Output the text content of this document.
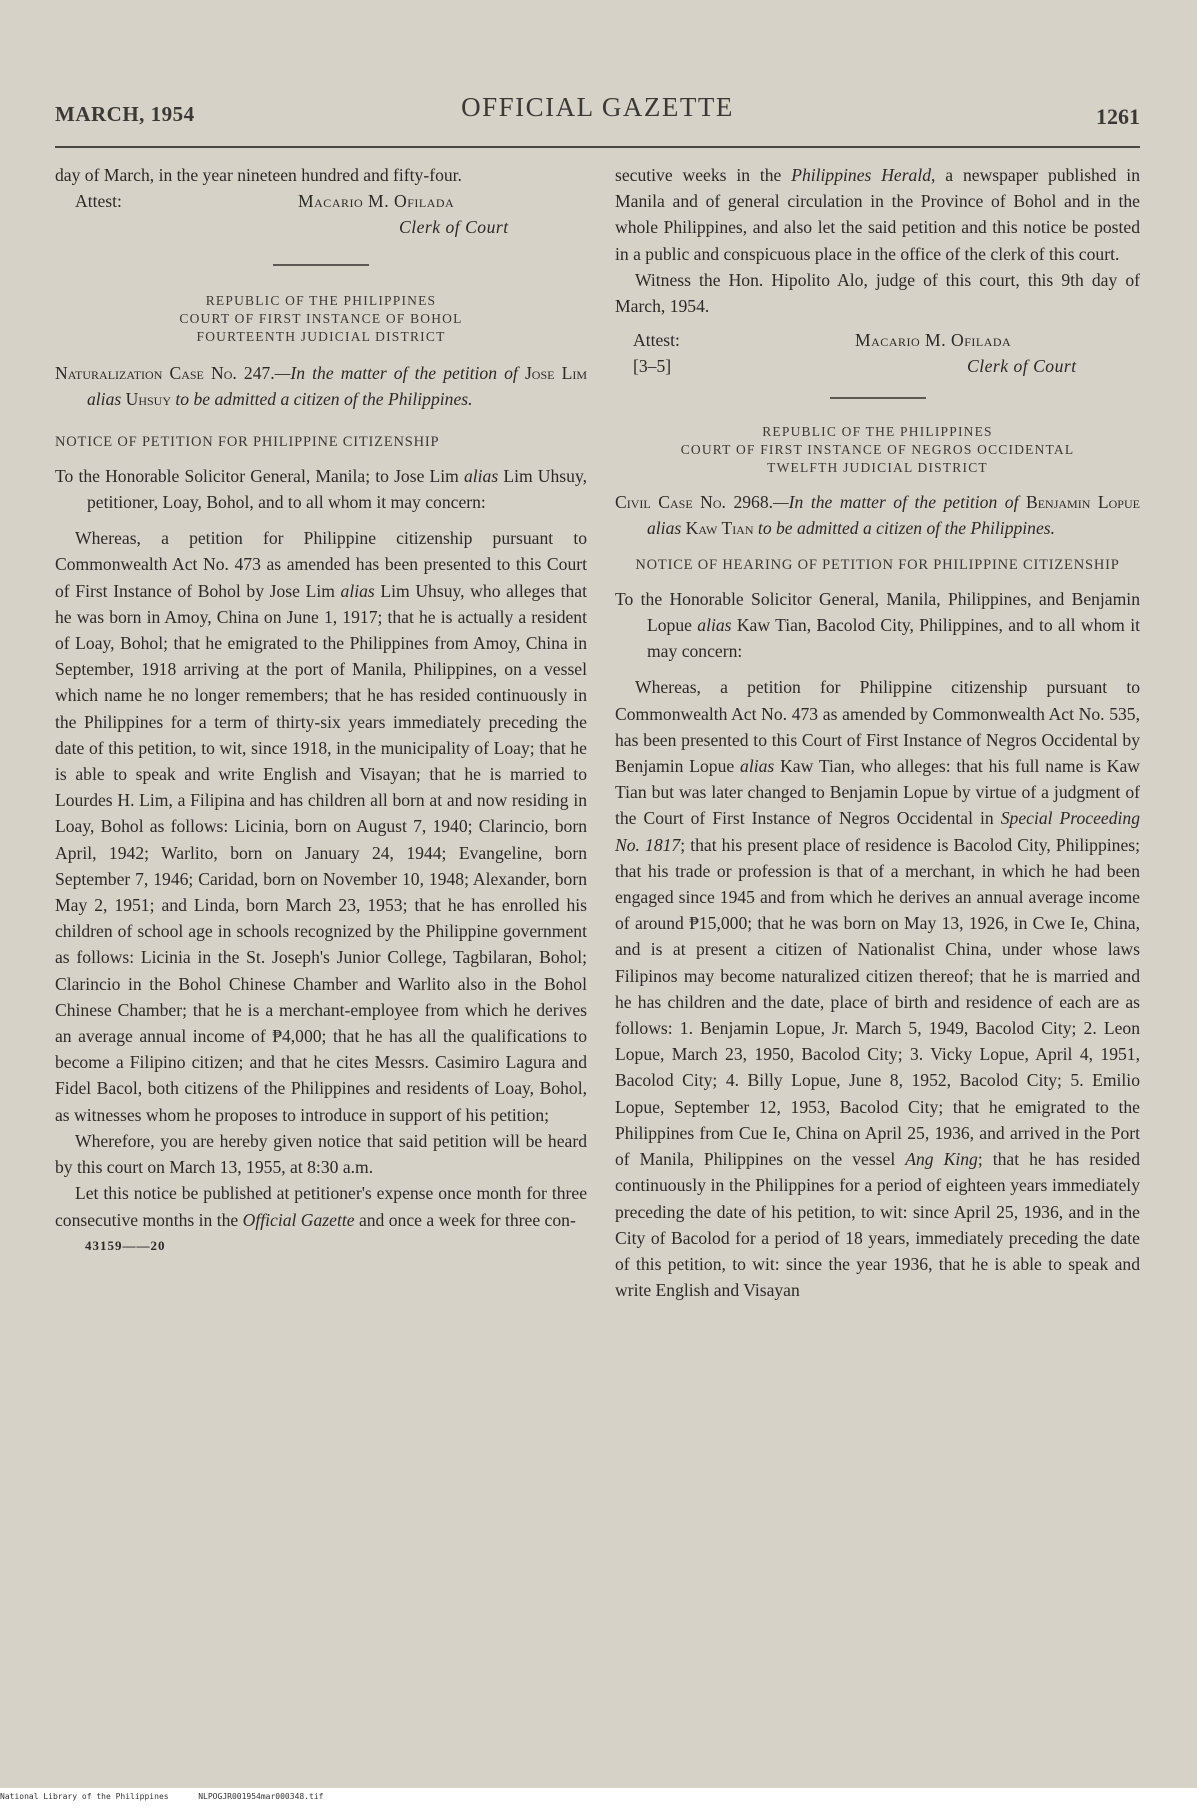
MARCH, 1954	OFFICIAL GAZETTE	1261

day of March, in the year nineteen hundred and fifty-four.

Attest:	Macario M. Ofilada
Clerk of Court
REPUBLIC OF THE PHILIPPINES
COURT OF FIRST INSTANCE OF BOHOL
FOURTEENTH JUDICIAL DISTRICT

Naturalization Case No. 247.—In the matter of the petition of Jose Lim alias Uhsuy to be admitted a citizen of the Philippines.

NOTICE OF PETITION FOR PHILIPPINE CITIZENSHIP

To the Honorable Solicitor General, Manila; to Jose Lim alias Lim Uhsuy, petitioner, Loay, Bohol, and to all whom it may concern:

Whereas, a petition for Philippine citizenship pursuant to Commonwealth Act No. 473 as amended has been presented to this Court of First Instance of Bohol by Jose Lim alias Lim Uhsuy, who alleges that he was born in Amoy, China on June 1, 1917; that he is actually a resident of Loay, Bohol; that he emigrated to the Philippines from Amoy, China in September, 1918 arriving at the port of Manila, Philippines, on a vessel which name he no longer remembers; that he has resided continuously in the Philippines for a term of thirty-six years immediately preceding the date of this petition, to wit, since 1918, in the municipality of Loay; that he is able to speak and write English and Visayan; that he is married to Lourdes H. Lim, a Filipina and has children all born at and now residing in Loay, Bohol as follows: Licinia, born on August 7, 1940; Clarincio, born April, 1942; Warlito, born on January 24, 1944; Evangeline, born September 7, 1946; Caridad, born on November 10, 1948; Alexander, born May 2, 1951; and Linda, born March 23, 1953; that he has enrolled his children of school age in schools recognized by the Philippine government as follows: Licinia in the St. Joseph's Junior College, Tagbilaran, Bohol; Clarincio in the Bohol Chinese Chamber and Warlito also in the Bohol Chinese Chamber; that he is a merchant-employee from which he derives an average annual income of ₱4,000; that he has all the qualifications to become a Filipino citizen; and that he cites Messrs. Casimiro Lagura and Fidel Bacol, both citizens of the Philippines and residents of Loay, Bohol, as witnesses whom he proposes to introduce in support of his petition;

Wherefore, you are hereby given notice that said petition will be heard by this court on March 13, 1955, at 8:30 a.m.

Let this notice be published at petitioner's expense once month for three consecutive months in the Official Gazette and once a week for three con-

43159——20

secutive weeks in the Philippines Herald, a newspaper published in Manila and of general circulation in the Province of Bohol and in the whole Philippines, and also let the said petition and this notice be posted in a public and conspicuous place in the office of the clerk of this court.

Witness the Hon. Hipolito Alo, judge of this court, this 9th day of March, 1954.

Attest:
[3–5]
Macario M. Ofilada
Clerk of Court
REPUBLIC OF THE PHILIPPINES
COURT OF FIRST INSTANCE OF NEGROS OCCIDENTAL
TWELFTH JUDICIAL DISTRICT

Civil Case No. 2968.—In the matter of the petition of Benjamin Lopue alias Kaw Tian to be admitted a citizen of the Philippines.

NOTICE OF HEARING OF PETITION FOR PHILIPPINE CITIZENSHIP

To the Honorable Solicitor General, Manila, Philippines, and Benjamin Lopue alias Kaw Tian, Bacolod City, Philippines, and to all whom it may concern:

Whereas, a petition for Philippine citizenship pursuant to Commonwealth Act No. 473 as amended by Commonwealth Act No. 535, has been presented to this Court of First Instance of Negros Occidental by Benjamin Lopue alias Kaw Tian, who alleges: that his full name is Kaw Tian but was later changed to Benjamin Lopue by virtue of a judgment of the Court of First Instance of Negros Occidental in Special Proceeding No. 1817; that his present place of residence is Bacolod City, Philippines; that his trade or profession is that of a merchant, in which he had been engaged since 1945 and from which he derives an annual average income of around ₱15,000; that he was born on May 13, 1926, in Cwe Ie, China, and is at present a citizen of Nationalist China, under whose laws Filipinos may become naturalized citizen thereof; that he is married and he has children and the date, place of birth and residence of each are as follows: 1. Benjamin Lopue, Jr. March 5, 1949, Bacolod City; 2. Leon Lopue, March 23, 1950, Bacolod City; 3. Vicky Lopue, April 4, 1951, Bacolod City; 4. Billy Lopue, June 8, 1952, Bacolod City; 5. Emilio Lopue, September 12, 1953, Bacolod City; that he emigrated to the Philippines from Cue Ie, China on April 25, 1936, and arrived in the Port of Manila, Philippines on the vessel Ang King; that he has resided continuously in the Philippines for a period of eighteen years immediately preceding the date of his petition, to wit: since April 25, 1936, and in the City of Bacolod for a period of 18 years, immediately preceding the date of this petition, to wit: since the year 1936, that he is able to speak and write English and Visayan

National Library of the Philippines	NLPOGJR001954mar000348.tif
